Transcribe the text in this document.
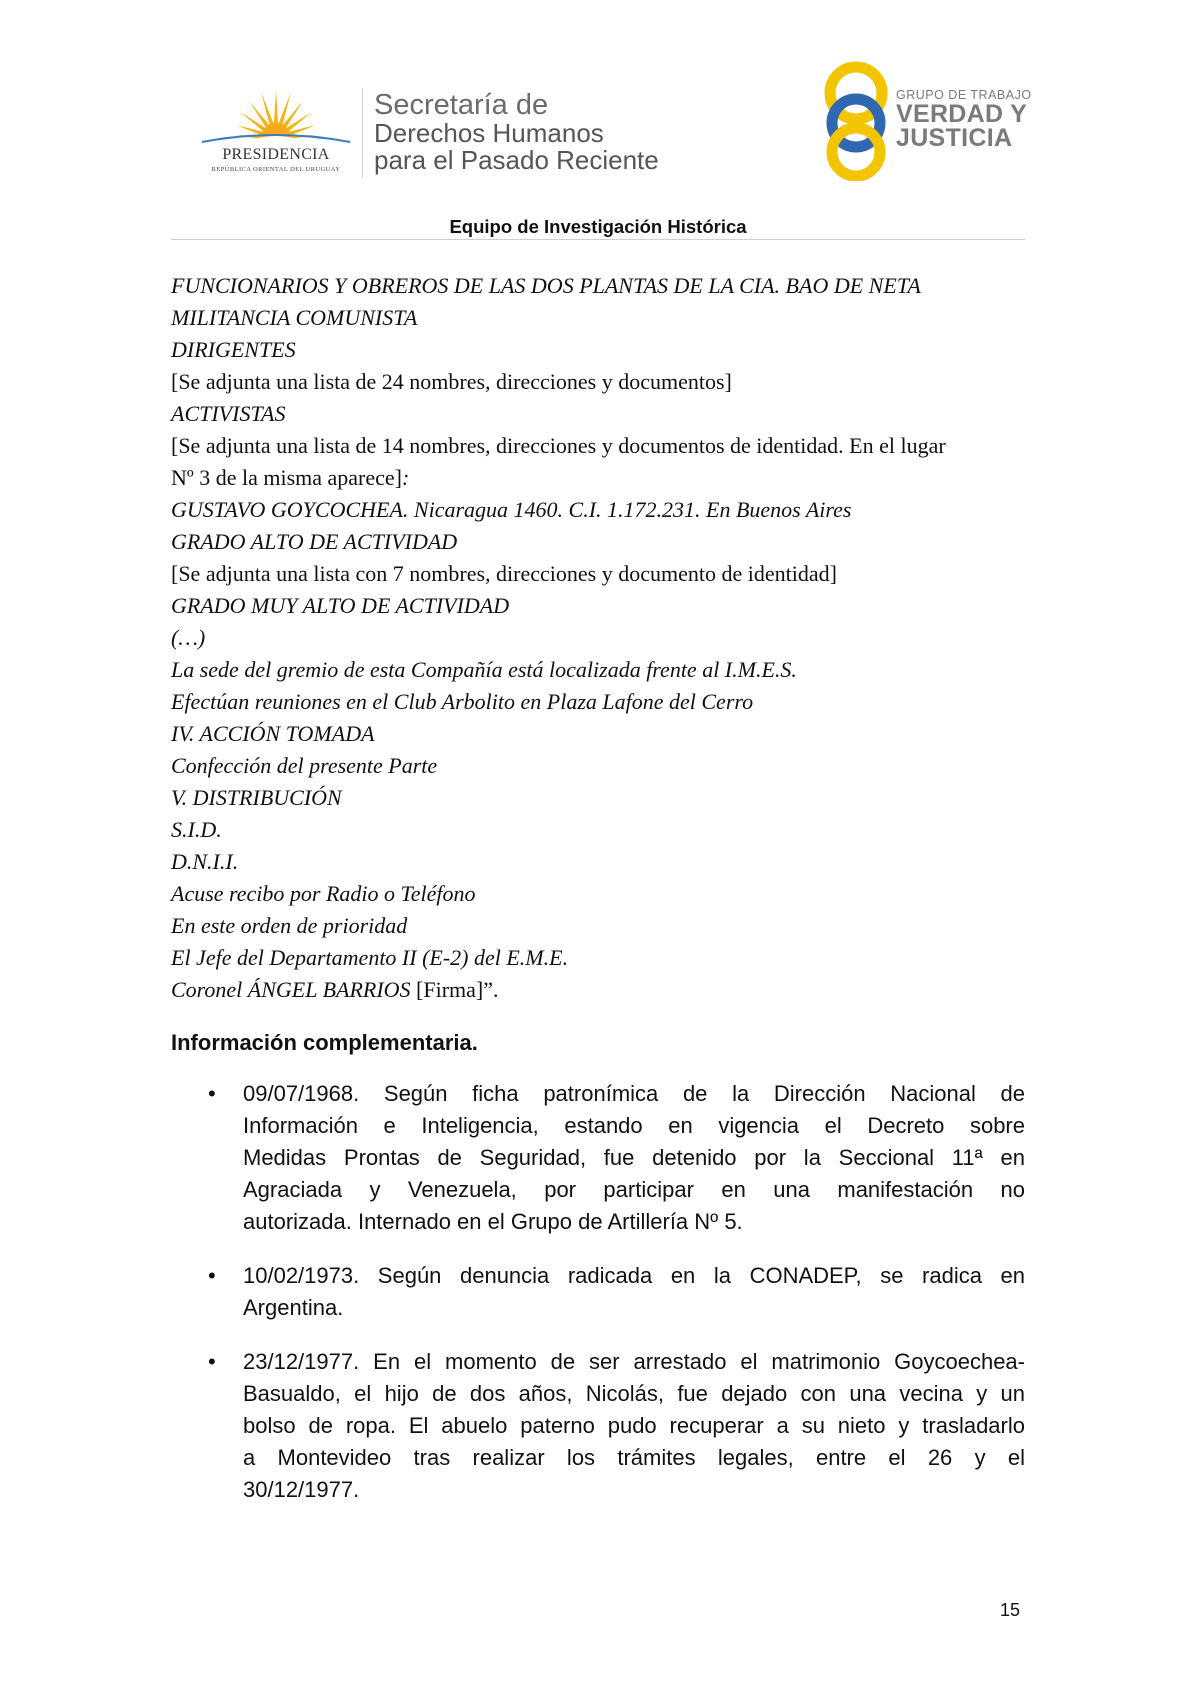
PRESIDENCIA
REPÚBLICA ORIENTAL DEL URUGUAY
Secretaría de
Derechos Humanos
para el Pasado Reciente
GRUPO DE TRABAJO
VERDAD Y
JUSTICIA
Equipo de Investigación Histórica
FUNCIONARIOS Y OBREROS DE LAS DOS PLANTAS DE LA CIA. BAO DE NETA
MILITANCIA COMUNISTA
DIRIGENTES
[Se adjunta una lista de 24 nombres, direcciones y documentos]
ACTIVISTAS
[Se adjunta una lista de 14 nombres, direcciones y documentos de identidad. En el lugar
Nº 3 de la misma aparece]:
GUSTAVO GOYCOCHEA. Nicaragua 1460. C.I. 1.172.231. En Buenos Aires
GRADO ALTO DE ACTIVIDAD
[Se adjunta una lista con 7 nombres, direcciones y documento de identidad]
GRADO MUY ALTO DE ACTIVIDAD
(…)
La sede del gremio de esta Compañía está localizada frente al I.M.E.S.
Efectúan reuniones en el Club Arbolito en Plaza Lafone del Cerro
IV. ACCIÓN TOMADA
Confección del presente Parte
V. DISTRIBUCIÓN
S.I.D.
D.N.I.I.
Acuse recibo por Radio o Teléfono
En este orden de prioridad
El Jefe del Departamento II (E-2) del E.M.E.
Coronel ÁNGEL BARRIOS [Firma]”.
Información complementaria.
• 09/07/1968. Según ficha patronímica de la Dirección Nacional de
Información e Inteligencia, estando en vigencia el Decreto sobre
Medidas Prontas de Seguridad, fue detenido por la Seccional 11ª en
Agraciada y Venezuela, por participar en una manifestación no
autorizada. Internado en el Grupo de Artillería Nº 5.
• 10/02/1973. Según denuncia radicada en la CONADEP, se radica en
Argentina.
• 23/12/1977. En el momento de ser arrestado el matrimonio Goycoechea-
Basualdo, el hijo de dos años, Nicolás, fue dejado con una vecina y un
bolso de ropa. El abuelo paterno pudo recuperar a su nieto y trasladarlo
a Montevideo tras realizar los trámites legales, entre el 26 y el
30/12/1977.
15
